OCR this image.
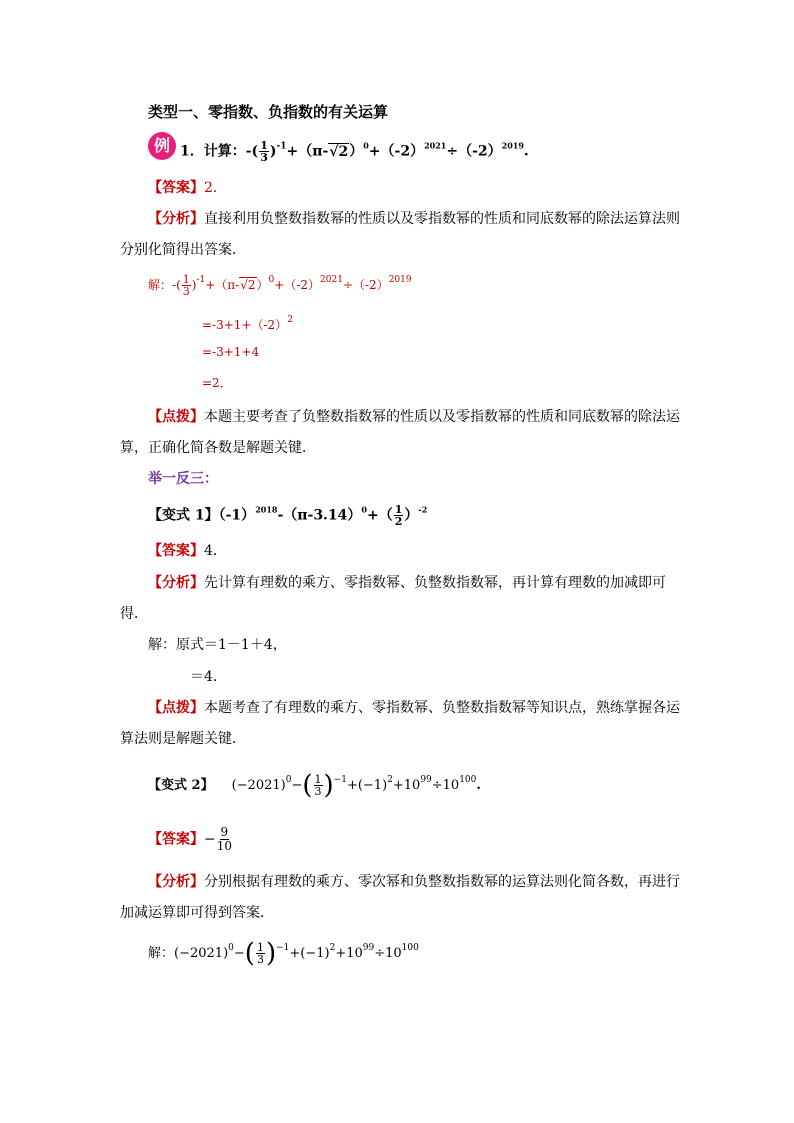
类型一、零指数、负指数的有关运算
例 1．计算：-( $\frac{1}{3} )^{-1}+(\pi-√2)^0+(-2)^{2021}\div(-2)^{2019}$.
【答案】2．
【分析】直接利用负整数指数幂的性质以及零指数幂的性质和同底数幂的除法运算法则
分别化简得出答案．
解：-( $\frac{1}{3} )^{-1}+(\pi-√2)^0+(-2)^{2021}\div(-2)^{2019}$
$=-3+1+(-2)^2$
=-3+1+4
=2．
【点拨】本题主要考查了负整数指数幂的性质以及零指数幂的性质和同底数幂的除法运
算，正确化简各数是解题关键．
举一反三：
【变式 1】$(-1)^{2018}-(\pi-3.14)^0+( \frac{1}{2} )^{-2}$
【答案】4．
【分析】先计算有理数的乘方、零指数幂、负整数指数幂，再计算有理数的加减即可
得．
解：原式＝1－1＋4，
＝4．
【点拨】本题考查了有理数的乘方、零指数幂、负整数指数幂等知识点，熟练掌握各运
算法则是解题关键．
【变式 2】 $(-2021)^0-( \frac{1}{3} )^{-1}+(-1)^2+10^{99}\div 10^{100}$.
【答案】− $\frac{9}{10}$
【分析】分别根据有理数的乘方、零次幂和负整数指数幂的运算法则化简各数，再进行
加减运算即可得到答案．
解：$(-2021)^0-( \frac{1}{3} )^{-1}+(-1)^2+10^{99}\div 10^{100}$
